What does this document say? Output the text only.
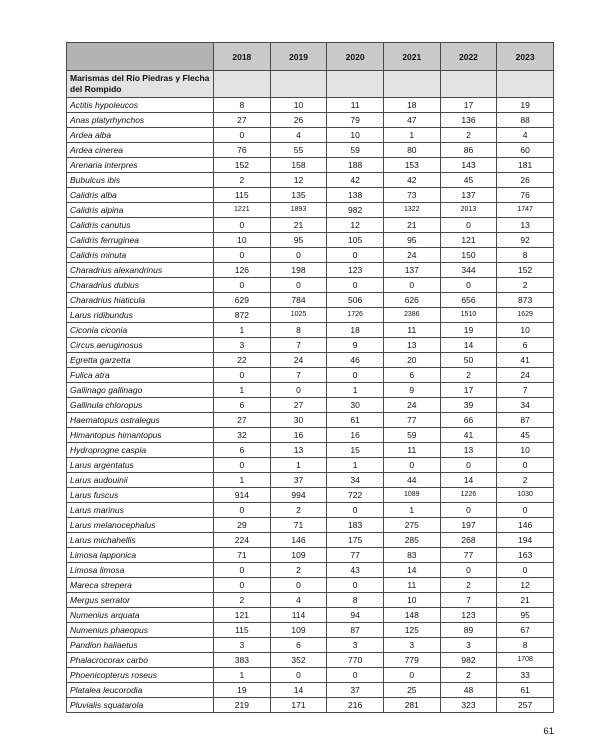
	2018	2019	2020	2021	2022	2023
Marismas del Río Piedras y Flecha del Rompido						
Actitis hypoleucos	8	10	11	18	17	19
Anas platyrhynchos	27	26	79	47	136	88
Ardea alba	0	4	10	1	2	4
Ardea cinerea	76	55	59	80	86	60
Arenaria interpres	152	158	188	153	143	181
Bubulcus ibis	2	12	42	42	45	26
Calidris alba	115	135	138	73	137	76
Calidris alpina	1221	1893	982	1322	2013	1747
Calidris canutus	0	21	12	21	0	13
Calidris ferruginea	10	95	105	95	121	92
Calidris minuta	0	0	0	24	150	8
Charadrius alexandrinus	126	198	123	137	344	152
Charadrius dubius	0	0	0	0	0	2
Charadrius hiaticula	629	784	506	626	656	873
Larus ridibundus	872	1025	1726	2386	1510	1629
Ciconia ciconia	1	8	18	11	19	10
Circus aeruginosus	3	7	9	13	14	6
Egretta garzetta	22	24	46	20	50	41
Fulica atra	0	7	0	6	2	24
Gallinago gallinago	1	0	1	9	17	7
Gallinula chloropus	6	27	30	24	39	34
Haematopus ostralegus	27	30	61	77	66	87
Himantopus himantopus	32	16	16	59	41	45
Hydroprogne caspia	6	13	15	11	13	10
Larus argentatus	0	1	1	0	0	0
Larus audouinii	1	37	34	44	14	2
Larus fuscus	914	994	722	1089	1226	1030
Larus marinus	0	2	0	1	0	0
Larus melanocephalus	29	71	183	275	197	146
Larus michahellis	224	146	175	285	268	194
Limosa lapponica	71	109	77	83	77	163
Limosa limosa	0	2	43	14	0	0
Mareca strepera	0	0	0	11	2	12
Mergus serrator	2	4	8	10	7	21
Numenius arquata	121	114	94	148	123	95
Numenius phaeopus	115	109	87	125	89	67
Pandion haliaetus	3	6	3	3	3	8
Phalacrocorax carbo	383	352	770	779	982	1708
Phoenicopterus roseus	1	0	0	0	2	33
Platalea leucorodia	19	14	37	25	48	61
Pluvialis squatarola	219	171	216	281	323	257
61
